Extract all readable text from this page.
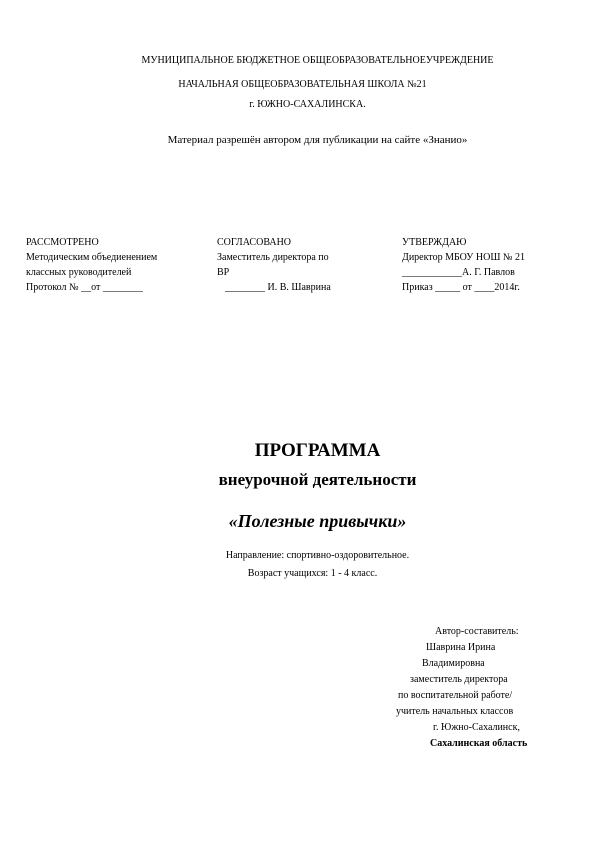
МУНИЦИПАЛЬНОЕ БЮДЖЕТНОЕ ОБЩЕОБРАЗОВАТЕЛЬНОЕУЧРЕЖДЕНИЕ
НАЧАЛЬНАЯ ОБЩЕОБРАЗОВАТЕЛЬНАЯ ШКОЛА №21
г. ЮЖНО-САХАЛИНСКА.
Материал разрешён автором для публикации на сайте «Знанио»
РАССМОТРЕНО
Методическим объедиенением
классных руководителей
Протокол № __от ________
СОГЛАСОВАНО
Заместитель директора по
ВР
________ И. В. Шаврина
УТВЕРЖДАЮ
Директор МБОУ НОШ № 21
____________А. Г. Павлов
Приказ _____ от ____2014г.
ПРОГРАММА
внеурочной деятельности
«Полезные привычки»
Направление: спортивно-оздоровительное.
Возраст учащихся: 1 - 4 класс.
Автор-составитель:
Шаврина Ирина
Владимировна
заместитель директора
по воспитательной работе/
учитель начальных классов
г. Южно-Сахалинск,
Сахалинская область
